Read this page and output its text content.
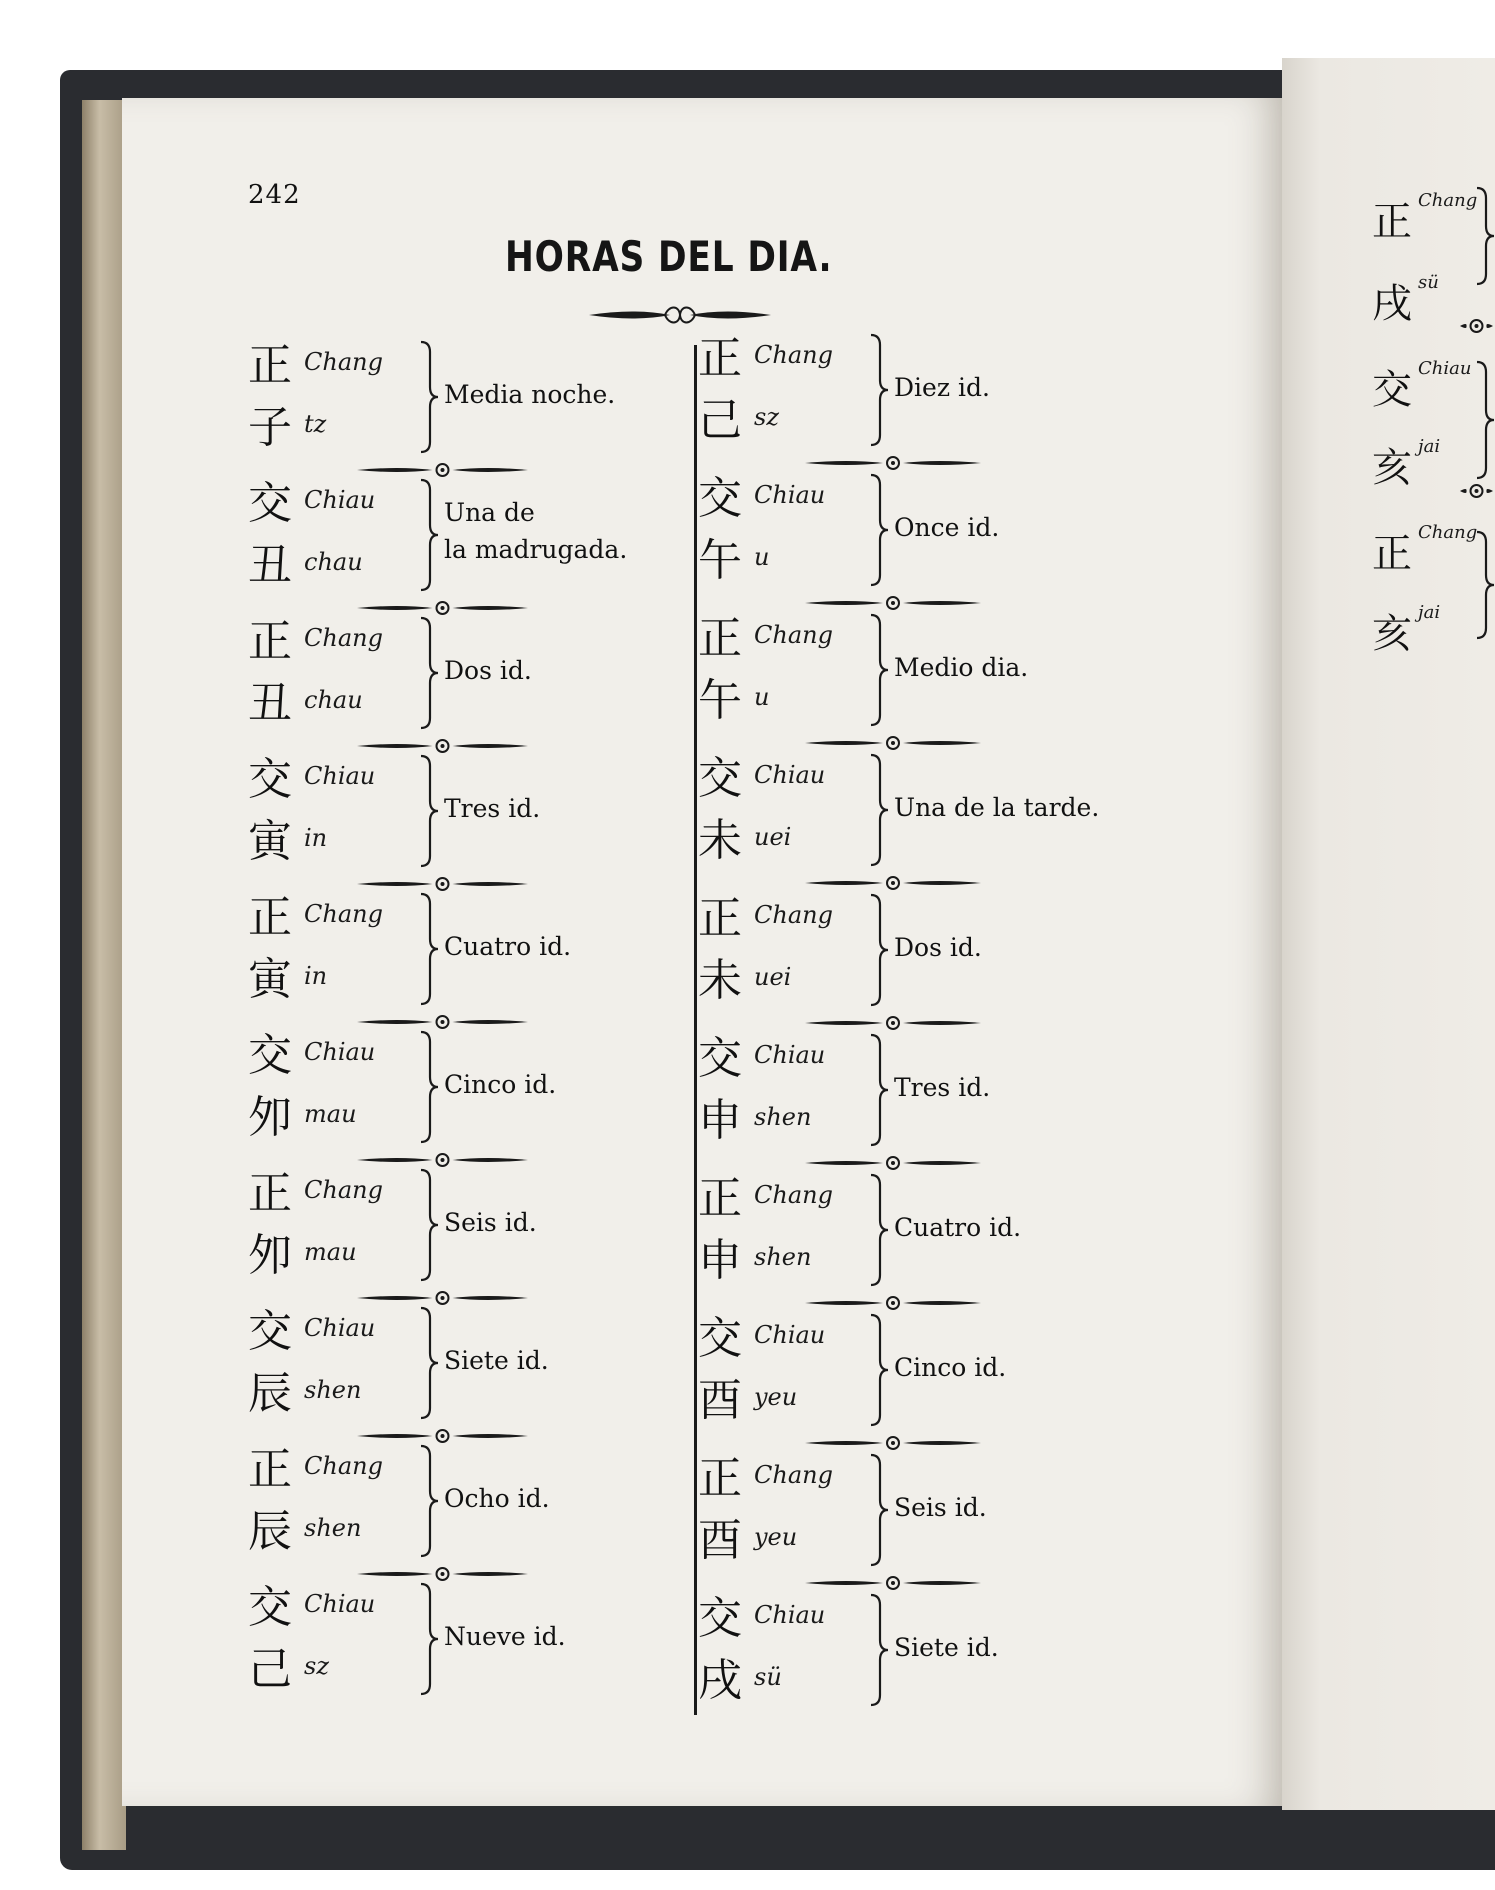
242
HORAS DEL DIA.
正
子
Chang
tz
Media noche.
交
丑
Chiau
chau
Una de
la madrugada.
正
丑
Chang
chau
Dos id.
交
寅
Chiau
in
Tres id.
正
寅
Chang
in
Cuatro id.
交
夘
Chiau
mau
Cinco id.
正
夘
Chang
mau
Seis id.
交
辰
Chiau
shen
Siete id.
正
辰
Chang
shen
Ocho id.
交
己
Chiau
sz
Nueve id.
正
己
Chang
sz
Diez id.
交
午
Chiau
u
Once id.
正
午
Chang
u
Medio dia.
交
未
Chiau
uei
Una de la tarde.
正
未
Chang
uei
Dos id.
交
申
Chiau
shen
Tres id.
正
申
Chang
shen
Cuatro id.
交
酉
Chiau
yeu
Cinco id.
正
酉
Chang
yeu
Seis id.
交
戌
Chiau
sü
Siete id.
正 Chang
戌 sü
交 Chiau
亥 jai
正 Chang
亥 jai
